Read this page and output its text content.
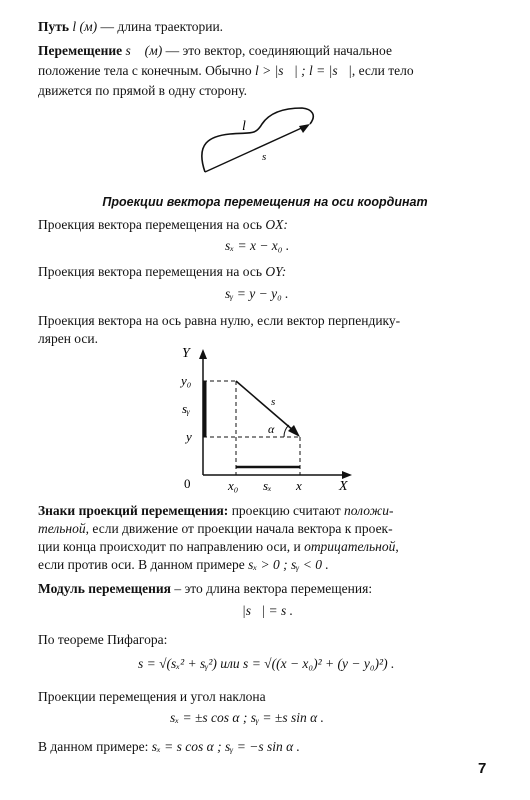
Путь l (м) — длина траектории.
Перемещение s⃗ (м) — это вектор, соединяющий начальное
положение тела с конечным. Обычно l > |s⃗| ; l = |s⃗|, если тело
движется по прямой в одну сторону.
l
s⃗
Проекции вектора перемещения на оси координат
Проекция вектора перемещения на ось OX:
sₓ = x − x₀ .
Проекция вектора перемещения на ось OY:
sᵧ = y − y₀ .
Проекция вектора на ось равна нулю, если вектор перпендику-
лярен оси.
Y
y₀
sᵧ
y
0	x₀ sₓ x	X
s⃗
α
Знаки проекций перемещения: проекцию считают положи-
тельной, если движение от проекции начала вектора к проек-
ции конца происходит по направлению оси, и отрицательной,
если против оси. В данном примере sₓ > 0 ; sᵧ < 0 .
Модуль перемещения – это длина вектора перемещения:
|s⃗| = s .
По теореме Пифагора:
s = √(sₓ² + sᵧ²) или s = √((x − x₀)² + (y − y₀)²) .
Проекции перемещения и угол наклона
sₓ = ±s cos α ; sᵧ = ±s sin α .
В данном примере: sₓ = s cos α ; sᵧ = −s sin α .
7
